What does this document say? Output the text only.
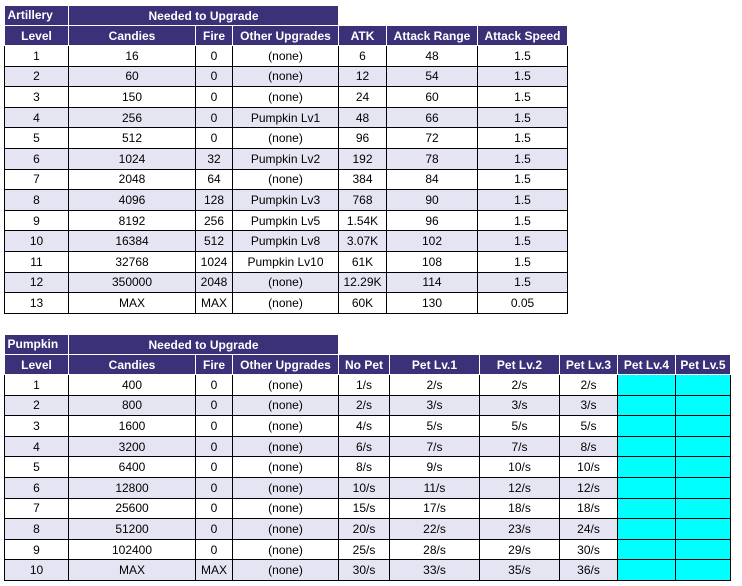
Artillery	Needed to Upgrade					
Level	Candies	Fire	Other Upgrades	ATK	Attack Range	Attack Speed
1	16	0	(none)	6	48	1.5
2	60	0	(none)	12	54	1.5
3	150	0	(none)	24	60	1.5
4	256	0	Pumpkin Lv1	48	66	1.5
5	512	0	(none)	96	72	1.5
6	1024	32	Pumpkin Lv2	192	78	1.5
7	2048	64	(none)	384	84	1.5
8	4096	128	Pumpkin Lv3	768	90	1.5
9	8192	256	Pumpkin Lv5	1.54K	96	1.5
10	16384	512	Pumpkin Lv8	3.07K	102	1.5
11	32768	1024	Pumpkin Lv10	61K	108	1.5
12	350000	2048	(none)	12.29K	114	1.5
13	MAX	MAX	(none)	60K	130	0.05
Pumpkin	Needed to Upgrade								
Level	Candies	Fire	Other Upgrades	No Pet	Pet Lv.1	Pet Lv.2	Pet Lv.3	Pet Lv.4	Pet Lv.5
1	400	0	(none)	1/s	2/s	2/s	2/s		
2	800	0	(none)	2/s	3/s	3/s	3/s		
3	1600	0	(none)	4/s	5/s	5/s	5/s		
4	3200	0	(none)	6/s	7/s	7/s	8/s		
5	6400	0	(none)	8/s	9/s	10/s	10/s		
6	12800	0	(none)	10/s	11/s	12/s	12/s		
7	25600	0	(none)	15/s	17/s	18/s	18/s		
8	51200	0	(none)	20/s	22/s	23/s	24/s		
9	102400	0	(none)	25/s	28/s	29/s	30/s		
10	MAX	MAX	(none)	30/s	33/s	35/s	36/s		
